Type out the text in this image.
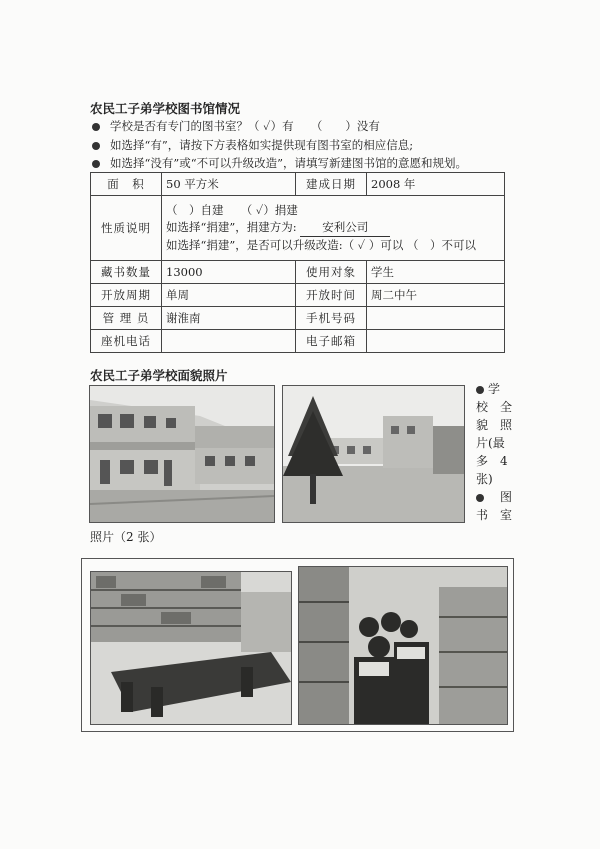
农民工子弟学校图书馆情况
学校是否有专门的图书室？（ ✓）有　　（　　）没有
如选择“有”，请按下方表格如实提供现有图书室的相应信息;
如选择“没有”或“不可以升级改造”，请填写新建图书馆的意愿和规划。
面　积	50 平方米	建成日期	2008 年
性质说明	（　）自建　　（ ✓）捐建
如选择“捐建”，捐建方为: 安利公司
如选择“捐建”，是否可以升级改造:（ ✓ ）可以 （　）不可以		

藏书数量	13000	使用对象	学生
开放周期	单周	开放时间	周二中午
管 理 员	谢淮南	手机号码	
座机电话		电子邮箱	
农民工子弟学校面貌照片
学
校　 全
貌　 照
片(最
多　 4
张)
　图
书　 室
照片（2 张）
